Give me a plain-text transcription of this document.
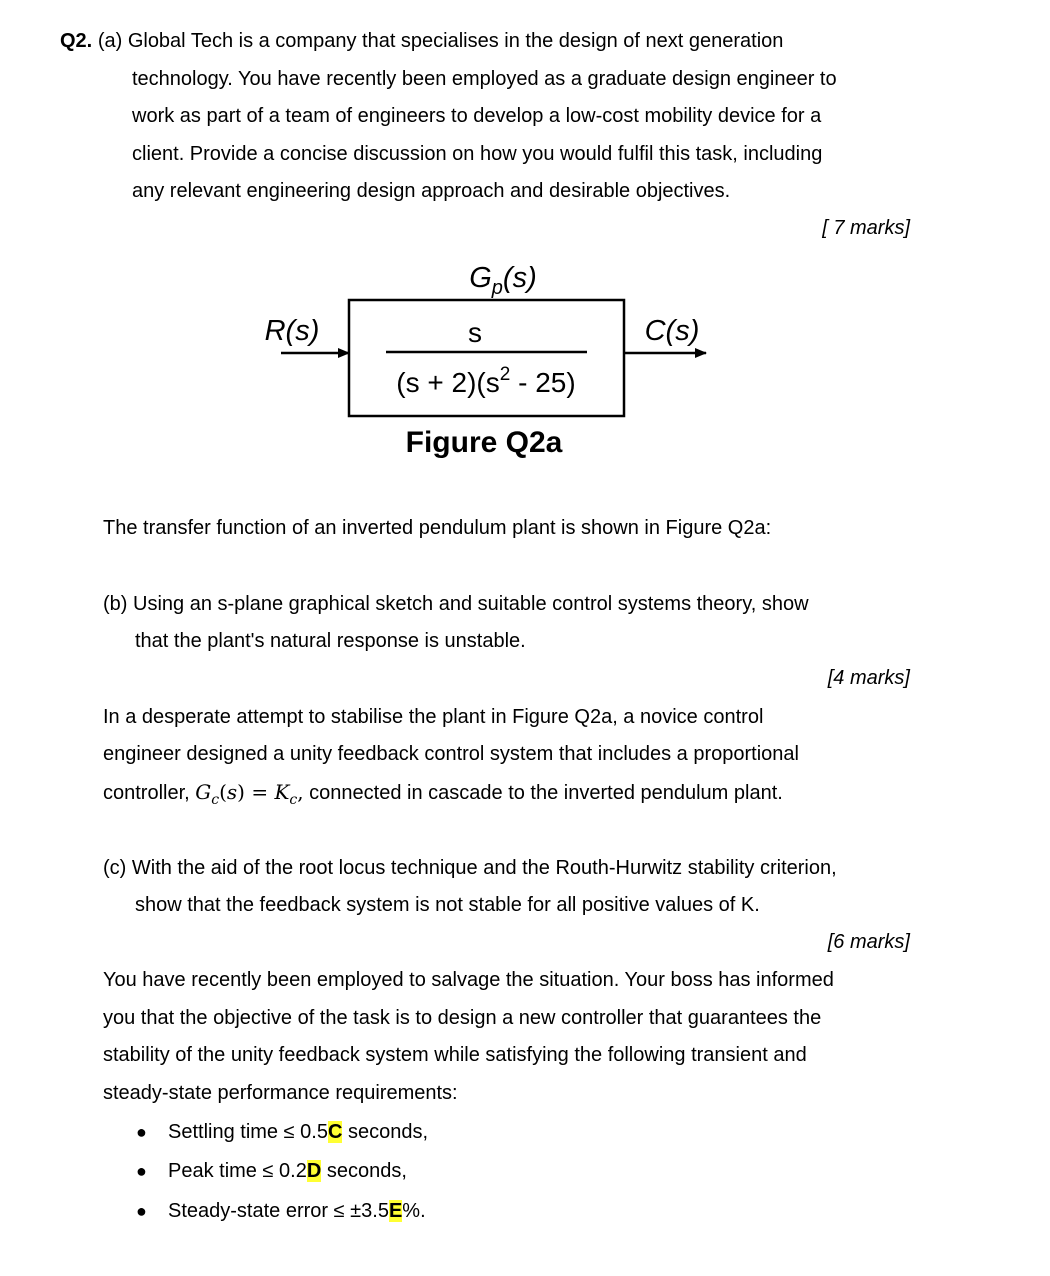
Q2. (a) Global Tech is a company that specialises in the design of next generation
technology. You have recently been employed as a graduate design engineer to
work as part of a team of engineers to develop a low-cost mobility device for a
client. Provide a concise discussion on how you would fulfil this task, including
any relevant engineering design approach and desirable objectives.
[ 7 marks]
$G_p(s)$
R(s)	s
$(s + 2)(s^2 - 25)$
C(s)
Figure Q2a
The transfer function of an inverted pendulum plant is shown in Figure Q2a:
(b) Using an s-plane graphical sketch and suitable control systems theory, show
that the plant's natural response is unstable.
[4 marks]
In a desperate attempt to stabilise the plant in Figure Q2a, a novice control
engineer designed a unity feedback control system that includes a proportional
controller, $G_c(s) = K_c$, connected in cascade to the inverted pendulum plant.
(c) With the aid of the root locus technique and the Routh-Hurwitz stability criterion,
show that the feedback system is not stable for all positive values of K.
[6 marks]
You have recently been employed to salvage the situation. Your boss has informed
you that the objective of the task is to design a new controller that guarantees the
stability of the unity feedback system while satisfying the following transient and
steady-state performance requirements:
● Settling time ≤ 0.5C seconds,
● Peak time ≤ 0.2D seconds,
● Steady-state error ≤ ±3.5E%.
